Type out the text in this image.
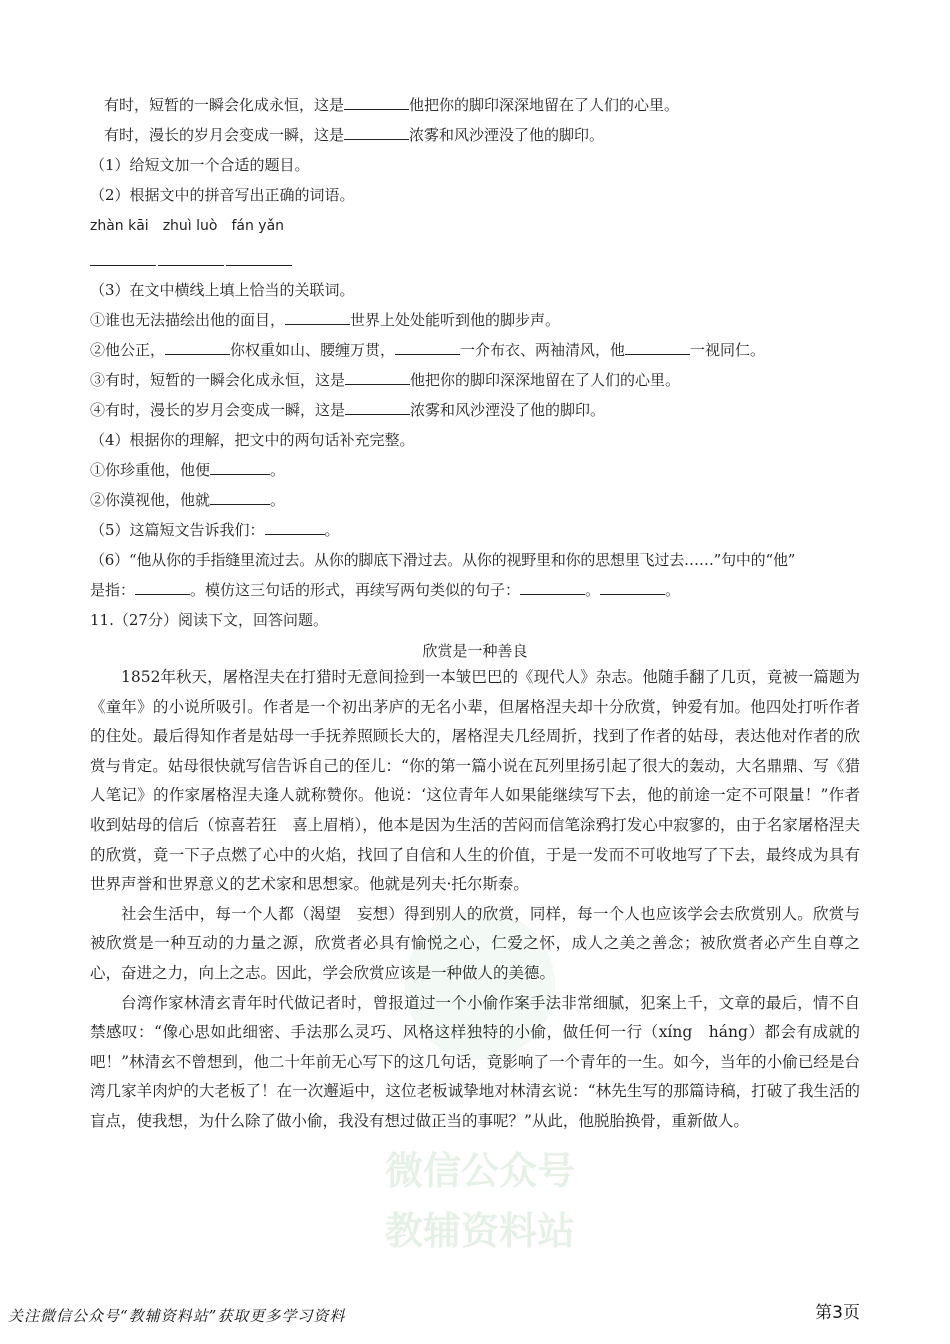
微信公众号
教辅资料站
有时，短暂的一瞬会化成永恒，这是	他把你的脚印深深地留在了人们的心里。
有时，漫长的岁月会变成一瞬，这是	浓雾和风沙湮没了他的脚印。
（1）给短文加一个合适的题目。
（2）根据文中的拼音写出正确的词语。
zhàn kāi　zhuì luò　fán yǎn
（3）在文中横线上填上恰当的关联词。
①谁也无法描绘出他的面目，	世界上处处能听到他的脚步声。
②他公正，	你权重如山、腰缠万贯，	一介布衣、两袖清风，他	一视同仁。
③有时，短暂的一瞬会化成永恒，这是	他把你的脚印深深地留在了人们的心里。
④有时，漫长的岁月会变成一瞬，这是	浓雾和风沙湮没了他的脚印。
（4）根据你的理解，把文中的两句话补充完整。
①你珍重他，他便	。
②你漠视他，他就	。
（5）这篇短文告诉我们：	。
（6）“他从你的手指缝里流过去。从你的脚底下滑过去。从你的视野里和你的思想里飞过去……”句中的“他”
是指：	。模仿这三句话的形式，再续写两句类似的句子：	。	。
11.（27分）阅读下文，回答问题。
欣赏是一种善良

1852年秋天，屠格涅夫在打猎时无意间捡到一本皱巴巴的《现代人》杂志。他随手翻了几页，竟被一篇题为《童年》的小说所吸引。作者是一个初出茅庐的无名小辈，但屠格涅夫却十分欣赏，钟爱有加。他四处打听作者的住处。最后得知作者是姑母一手抚养照顾长大的，屠格涅夫几经周折，找到了作者的姑母，表达他对作者的欣赏与肯定。姑母很快就写信告诉自己的侄儿：“你的第一篇小说在瓦列里扬引起了很大的轰动，大名鼎鼎、写《猎人笔记》的作家屠格涅夫逢人就称赞你。他说：‘这位青年人如果能继续写下去，他的前途一定不可限量！”作者收到姑母的信后（惊喜若狂　喜上眉梢），他本是因为生活的苦闷而信笔涂鸦打发心中寂寥的，由于名家屠格涅夫的欣赏，竟一下子点燃了心中的火焰，找回了自信和人生的价值，于是一发而不可收地写了下去，最终成为具有世界声誉和世界意义的艺术家和思想家。他就是列夫·托尔斯泰。

社会生活中，每一个人都（渴望　妄想）得到别人的欣赏，同样，每一个人也应该学会去欣赏别人。欣赏与被欣赏是一种互动的力量之源，欣赏者必具有愉悦之心，仁爱之怀，成人之美之善念；被欣赏者必产生自尊之心，奋进之力，向上之志。因此，学会欣赏应该是一种做人的美德。

台湾作家林清玄青年时代做记者时，曾报道过一个小偷作案手法非常细腻，犯案上千，文章的最后，情不自禁感叹：“像心思如此细密、手法那么灵巧、风格这样独特的小偷，做任何一行（xíng　háng）都会有成就的吧！”林清玄不曾想到，他二十年前无心写下的这几句话，竟影响了一个青年的一生。如今，当年的小偷已经是台湾几家羊肉炉的大老板了！在一次邂逅中，这位老板诚挚地对林清玄说：“林先生写的那篇诗稿，打破了我生活的盲点，使我想，为什么除了做小偷，我没有想过做正当的事呢？”从此，他脱胎换骨，重新做人。

关注微信公众号“教辅资料站”获取更多学习资料	第3页
